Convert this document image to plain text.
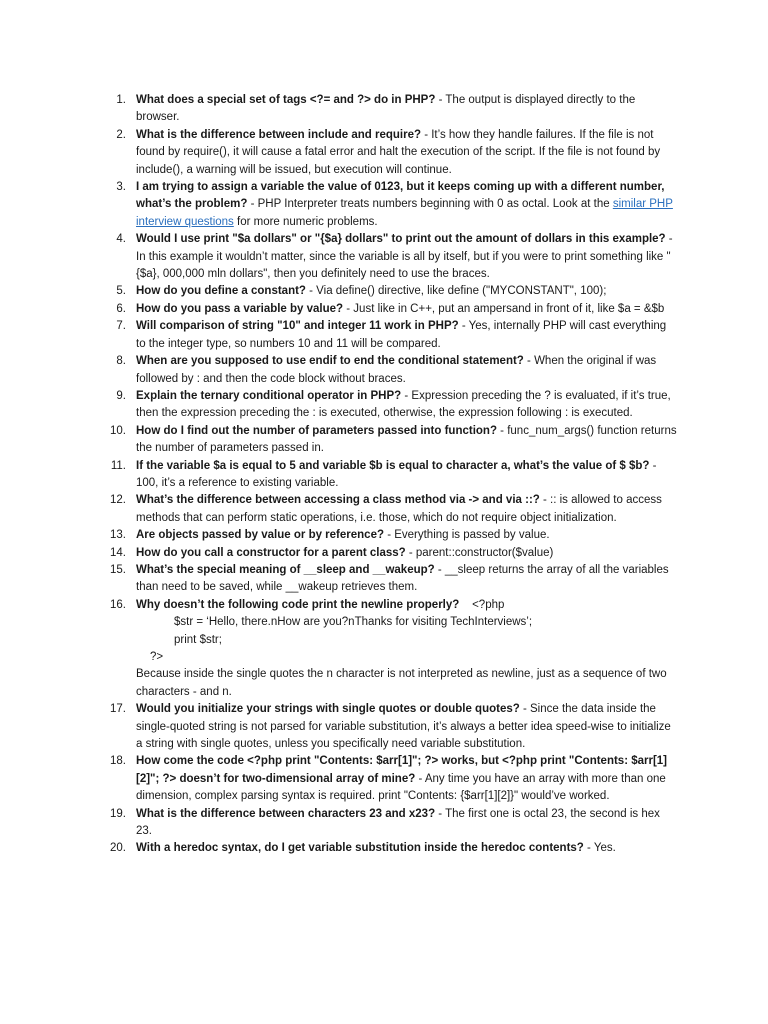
1. What does a special set of tags <?= and ?> do in PHP? - The output is displayed directly to the browser.
2. What is the difference between include and require? - It’s how they handle failures. If the file is not found by require(), it will cause a fatal error and halt the execution of the script. If the file is not found by include(), a warning will be issued, but execution will continue.
3. I am trying to assign a variable the value of 0123, but it keeps coming up with a different number, what’s the problem? - PHP Interpreter treats numbers beginning with 0 as octal. Look at the similar PHP interview questions for more numeric problems.
4. Would I use print "$a dollars" or "{$a} dollars" to print out the amount of dollars in this example? - In this example it wouldn’t matter, since the variable is all by itself, but if you were to print something like "{$a}, 000,000 mln dollars", then you definitely need to use the braces.
5. How do you define a constant? - Via define() directive, like define ("MYCONSTANT", 100);
6. How do you pass a variable by value? - Just like in C++, put an ampersand in front of it, like $a = &$b
7. Will comparison of string "10" and integer 11 work in PHP? - Yes, internally PHP will cast everything to the integer type, so numbers 10 and 11 will be compared.
8. When are you supposed to use endif to end the conditional statement? - When the original if was followed by : and then the code block without braces.
9. Explain the ternary conditional operator in PHP? - Expression preceding the ? is evaluated, if it’s true, then the expression preceding the : is executed, otherwise, the expression following : is executed.
10. How do I find out the number of parameters passed into function? - func_num_args() function returns the number of parameters passed in.
11. If the variable $a is equal to 5 and variable $b is equal to character a, what’s the value of $ $b? - 100, it’s a reference to existing variable.
12. What’s the difference between accessing a class method via -> and via ::? - :: is allowed to access methods that can perform static operations, i.e. those, which do not require object initialization.
13. Are objects passed by value or by reference? - Everything is passed by value.
14. How do you call a constructor for a parent class? - parent::constructor($value)
15. What’s the special meaning of __sleep and __wakeup? - __sleep returns the array of all the variables than need to be saved, while __wakeup retrieves them.
16. Why doesn’t the following code print the newline properly?    <?php
$str = ‘Hello, there.nHow are you?nThanks for visiting TechInterviews’;
print $str;
?>
Because inside the single quotes the n character is not interpreted as newline, just as a sequence of two characters - and n.
17. Would you initialize your strings with single quotes or double quotes? - Since the data inside the single-quoted string is not parsed for variable substitution, it’s always a better idea speed-wise to initialize a string with single quotes, unless you specifically need variable substitution.
18. How come the code <?php print "Contents: $arr[1]"; ?> works, but <?php print "Contents: $arr[1][2]"; ?> doesn’t for two-dimensional array of mine? - Any time you have an array with more than one dimension, complex parsing syntax is required. print "Contents: {$arr[1][2]}" would’ve worked.
19. What is the difference between characters 23 and x23? - The first one is octal 23, the second is hex 23.
20. With a heredoc syntax, do I get variable substitution inside the heredoc contents? - Yes.
